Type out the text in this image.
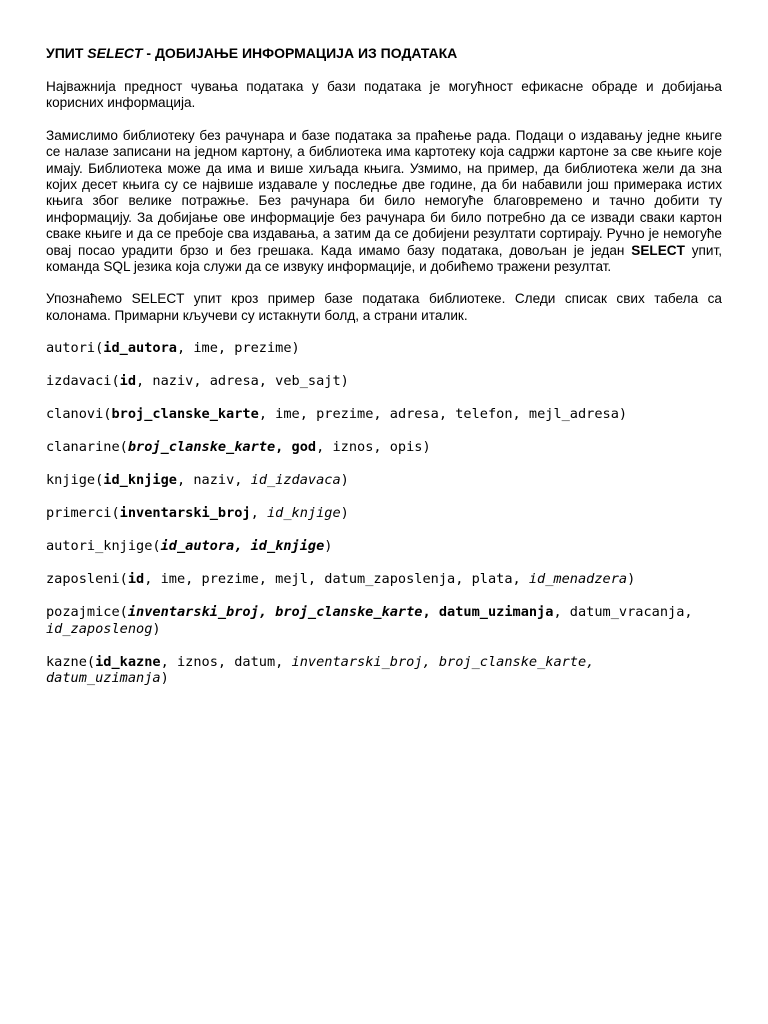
УПИТ SELECT - ДОБИЈАЊЕ ИНФОРМАЦИЈА ИЗ ПОДАТАКА

Најважнија предност чувања података у бази података је могућност ефикасне обраде и добијања корисних информација.

Замислимо библиотеку без рачунара и базе података за праћење рада. Подаци о издавању једне књиге се налазе записани на једном картону, а библиотека има картотеку која садржи картоне за све књиге које имају. Библиотека може да има и више хиљада књига. Узмимо, на пример, да библиотека жели да зна којих десет књига су се највише издавале у последње две године, да би набавили још примерака истих књига због велике потражње. Без рачунара би било немогуће благовремено и тачно добити ту информацију. За добијање ове информације без рачунара би било потребно да се извади сваки картон сваке књиге и да се пребоје сва издавања, а затим да се добијени резултати сортирају. Ручно је немогуће овај посао урадити брзо и без грешака. Када имамо базу података, довољан је један SELECT упит, команда SQL језика која служи да се извуку информације, и добићемо тражени резултат.

Упознаћемо SELECT упит кроз пример базе података библиотеке. Следи списак свих табела са колонама. Примарни кључеви су истакнути болд, а страни италик.

autori(id_autora, ime, prezime)
izdavaci(id, naziv, adresa, veb_sajt)
clanovi(broj_clanske_karte, ime, prezime, adresa, telefon, mejl_adresa)
clanarine(broj_clanske_karte, god, iznos, opis)
knjige(id_knjige, naziv, id_izdavaca)
primerci(inventarski_broj, id_knjige)
autori_knjige(id_autora, id_knjige)
zaposleni(id, ime, prezime, mejl, datum_zaposlenja, plata, id_menadzera)
pozajmice(inventarski_broj, broj_clanske_karte, datum_uzimanja, datum_vracanja, id_zaposlenog)
kazne(id_kazne, iznos, datum, inventarski_broj, broj_clanske_karte, datum_uzimanja)
